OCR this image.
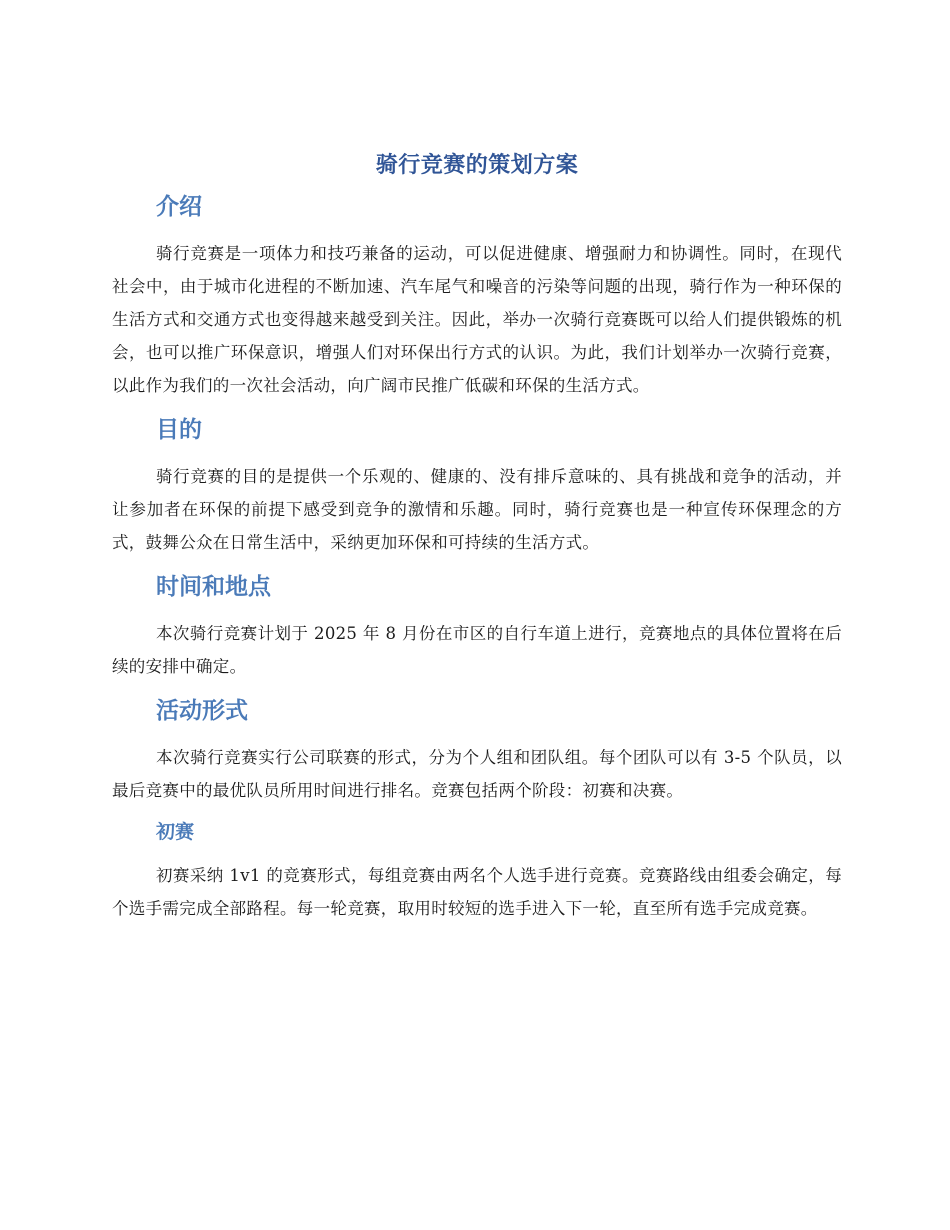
骑行竞赛的策划方案
介绍

骑行竞赛是一项体力和技巧兼备的运动，可以促进健康、增强耐力和协调性。同时，在现代社会中，由于城市化进程的不断加速、汽车尾气和噪音的污染等问题的出现，骑行作为一种环保的生活方式和交通方式也变得越来越受到关注。因此，举办一次骑行竞赛既可以给人们提供锻炼的机会，也可以推广环保意识，增强人们对环保出行方式的认识。为此，我们计划举办一次骑行竞赛，以此作为我们的一次社会活动，向广阔市民推广低碳和环保的生活方式。

目的

骑行竞赛的目的是提供一个乐观的、健康的、没有排斥意味的、具有挑战和竞争的活动，并让参加者在环保的前提下感受到竞争的激情和乐趣。同时，骑行竞赛也是一种宣传环保理念的方式，鼓舞公众在日常生活中，采纳更加环保和可持续的生活方式。

时间和地点

本次骑行竞赛计划于 2025 年 8 月份在市区的自行车道上进行，竞赛地点的具体位置将在后续的安排中确定。

活动形式

本次骑行竞赛实行公司联赛的形式，分为个人组和团队组。每个团队可以有 3-5 个队员，以最后竞赛中的最优队员所用时间进行排名。竞赛包括两个阶段：初赛和决赛。

初赛

初赛采纳 1v1 的竞赛形式，每组竞赛由两名个人选手进行竞赛。竞赛路线由组委会确定，每个选手需完成全部路程。每一轮竞赛，取用时较短的选手进入下一轮，直至所有选手完成竞赛。
